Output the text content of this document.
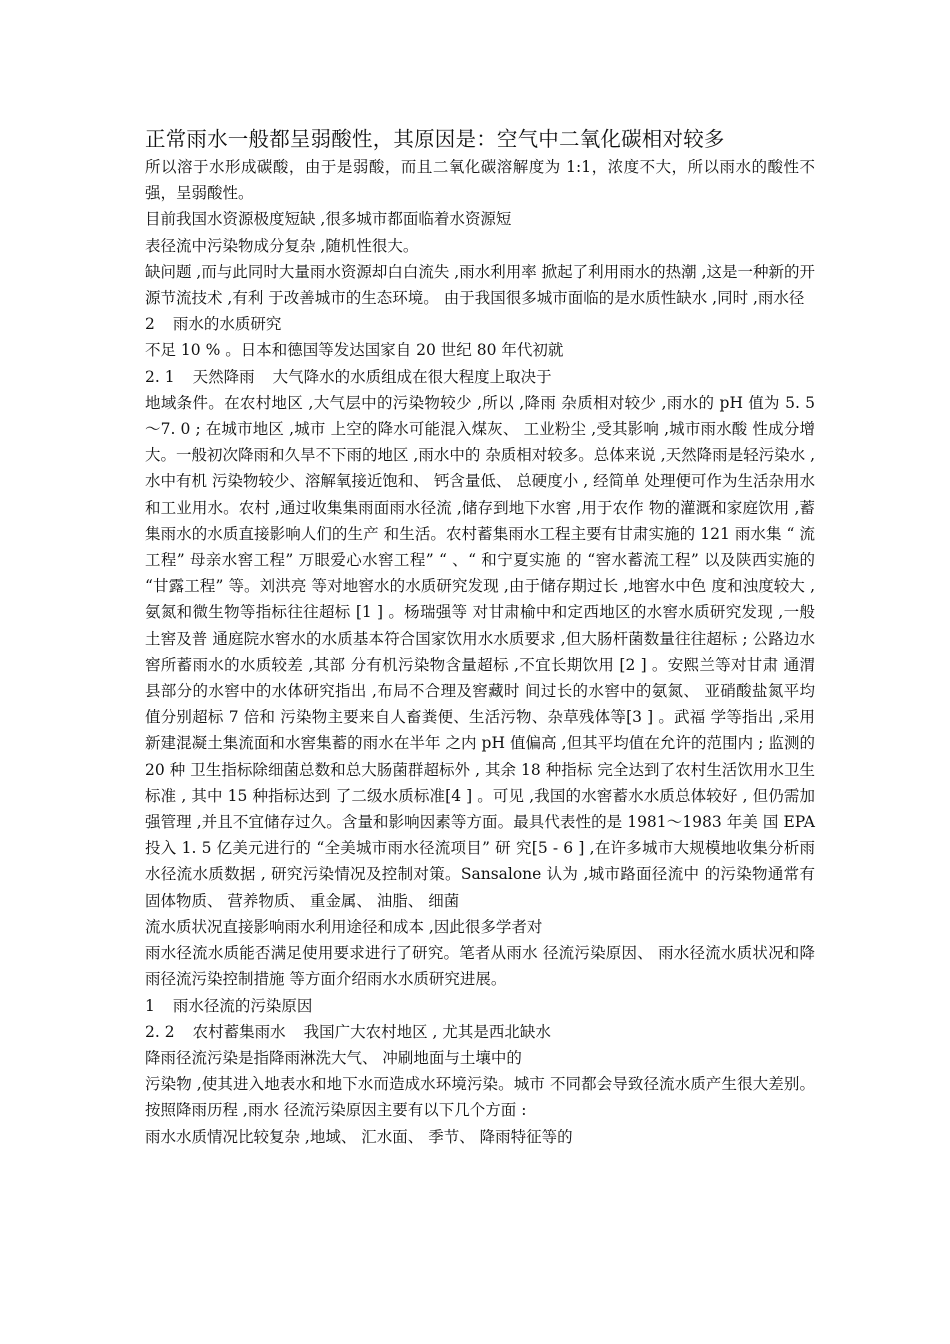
正常雨水一般都呈弱酸性，其原因是：空气中二氧化碳相对较多

所以溶于水形成碳酸，由于是弱酸，而且二氧化碳溶解度为 1:1，浓度不大，所以雨水的酸性不强，呈弱酸性。

目前我国水资源极度短缺 ,很多城市都面临着水资源短

表径流中污染物成分复杂 ,随机性很大。

缺问题 ,而与此同时大量雨水资源却白白流失 ,雨水利用率 掀起了利用雨水的热潮 ,这是一种新的开源节流技术 ,有利 于改善城市的生态环境。 由于我国很多城市面临的是水质性缺水 ,同时 ,雨水径

2 雨水的水质研究

不足 10 % 。日本和德国等发达国家自 20 世纪 80 年代初就

2. 1 天然降雨 大气降水的水质组成在很大程度上取决于

地域条件。在农村地区 ,大气层中的污染物较少 ,所以 ,降雨 杂质相对较少 ,雨水的 pH 值为 5. 5～7. 0 ; 在城市地区 ,城市 上空的降水可能混入煤灰、 工业粉尘 ,受其影响 ,城市雨水酸 性成分增大。一般初次降雨和久旱不下雨的地区 ,雨水中的 杂质相对较多。总体来说 ,天然降雨是轻污染水 , 水中有机 污染物较少、溶解氧接近饱和、 钙含量低、 总硬度小 , 经简单 处理便可作为生活杂用水和工业用水。农村 ,通过收集集雨面雨水径流 ,储存到地下水窖 ,用于农作 物的灌溉和家庭饮用 ,蓄集雨水的水质直接影响人们的生产 和生活。农村蓄集雨水工程主要有甘肃实施的 121 雨水集 “ 流工程” 母亲水窖工程” 万眼爱心水窖工程” “ 、“ 和宁夏实施 的 “窖水蓄流工程” 以及陕西实施的 “甘露工程” 等。刘洪亮 等对地窖水的水质研究发现 ,由于储存期过长 ,地窖水中色 度和浊度较大 ,氨氮和微生物等指标往往超标 [1 ] 。杨瑞强等 对甘肃榆中和定西地区的水窖水质研究发现 ,一般土窖及普 通庭院水窖水的水质基本符合国家饮用水水质要求 ,但大肠杆菌数量往往超标 ; 公路边水窖所蓄雨水的水质较差 ,其部 分有机污染物含量超标 ,不宜长期饮用 [2 ] 。安熙兰等对甘肃 通渭县部分的水窖中的水体研究指出 ,布局不合理及窖藏时 间过长的水窖中的氨氮、 亚硝酸盐氮平均值分别超标 7 倍和 污染物主要来自人畜粪便、生活污物、杂草残体等[3 ] 。武福 学等指出 ,采用新建混凝土集流面和水窖集蓄的雨水在半年 之内 pH 值偏高 ,但其平均值在允许的范围内 ; 监测的 20 种 卫生指标除细菌总数和总大肠菌群超标外 , 其余 18 种指标 完全达到了农村生活饮用水卫生标准 , 其中 15 种指标达到 了二级水质标准[4 ] 。可见 ,我国的水窖蓄水水质总体较好 , 但仍需加强管理 ,并且不宜储存过久。含量和影响因素等方面。最具代表性的是 1981～1983 年美 国 EPA 投入 1. 5 亿美元进行的 “全美城市雨水径流项目” 研 究[5 - 6 ] ,在许多城市大规模地收集分析雨水径流水质数据 , 研究污染情况及控制对策。Sansalone 认为 ,城市路面径流中 的污染物通常有固体物质、 营养物质、 重金属、 油脂、 细菌

流水质状况直接影响雨水利用途径和成本 ,因此很多学者对

雨水径流水质能否满足使用要求进行了研究。笔者从雨水 径流污染原因、 雨水径流水质状况和降雨径流污染控制措施 等方面介绍雨水水质研究进展。

1 雨水径流的污染原因

2. 2 农村蓄集雨水 我国广大农村地区 , 尤其是西北缺水

降雨径流污染是指降雨淋洗大气、 冲刷地面与土壤中的

污染物 ,使其进入地表水和地下水而造成水环境污染。城市 不同都会导致径流水质产生很大差别。按照降雨历程 ,雨水 径流污染原因主要有以下几个方面 :

雨水水质情况比较复杂 ,地域、 汇水面、 季节、 降雨特征等的
